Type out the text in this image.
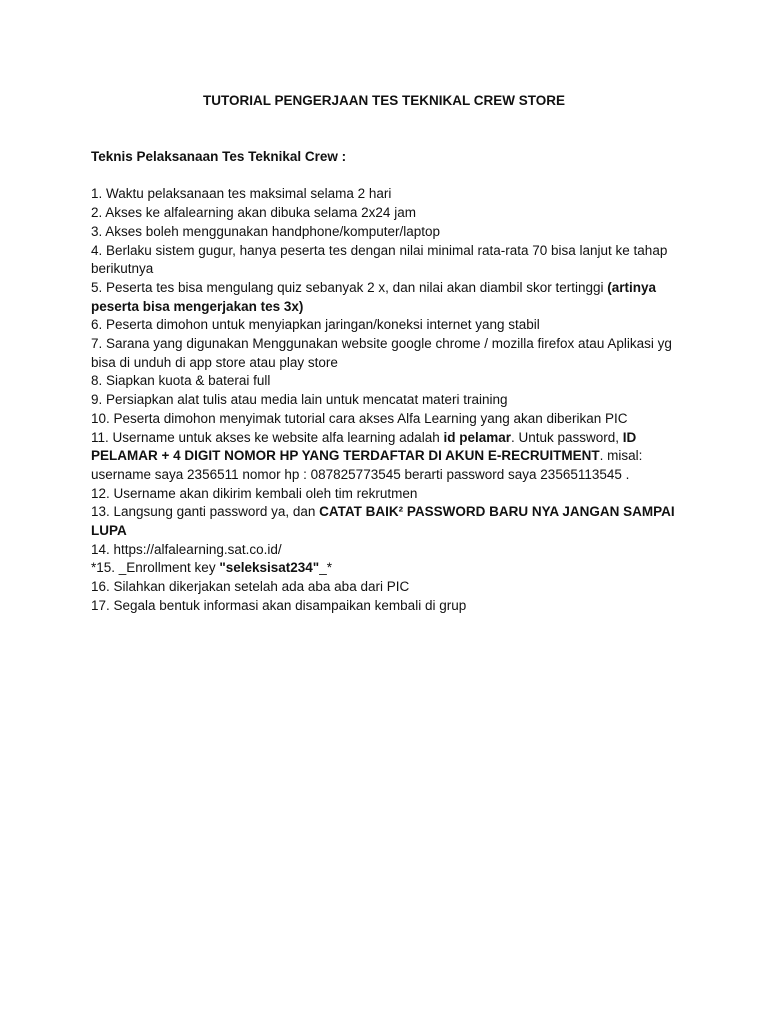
TUTORIAL PENGERJAAN TES TEKNIKAL CREW STORE

Teknis Pelaksanaan Tes Teknikal Crew :

1. Waktu pelaksanaan tes maksimal selama 2 hari

2. Akses ke alfalearning akan dibuka selama 2x24 jam

3. Akses boleh menggunakan handphone/komputer/laptop

4. Berlaku sistem gugur, hanya peserta tes dengan nilai minimal rata-rata 70 bisa lanjut ke tahap berikutnya

5. Peserta tes bisa mengulang quiz sebanyak 2 x, dan nilai akan diambil skor tertinggi (artinya peserta bisa mengerjakan tes 3x)

6. Peserta dimohon untuk menyiapkan jaringan/koneksi internet yang stabil

7. Sarana yang digunakan Menggunakan website google chrome / mozilla firefox atau Aplikasi yg bisa di unduh di app store atau play store

8. Siapkan kuota & baterai full

9. Persiapkan alat tulis atau media lain untuk mencatat materi training

10. Peserta dimohon menyimak tutorial cara akses Alfa Learning yang akan diberikan PIC

11. Username untuk akses ke website alfa learning adalah id pelamar. Untuk password, ID PELAMAR + 4 DIGIT NOMOR HP YANG TERDAFTAR DI AKUN E-RECRUITMENT. misal: username saya 2356511 nomor hp : 087825773545 berarti password saya 23565113545 .

12. Username akan dikirim kembali oleh tim rekrutmen

13. Langsung ganti password ya, dan CATAT BAIK² PASSWORD BARU NYA JANGAN SAMPAI LUPA

14. https://alfalearning.sat.co.id/

*15. _Enrollment key "seleksisat234"_*

16. Silahkan dikerjakan setelah ada aba aba dari PIC

17. Segala bentuk informasi akan disampaikan kembali di grup
